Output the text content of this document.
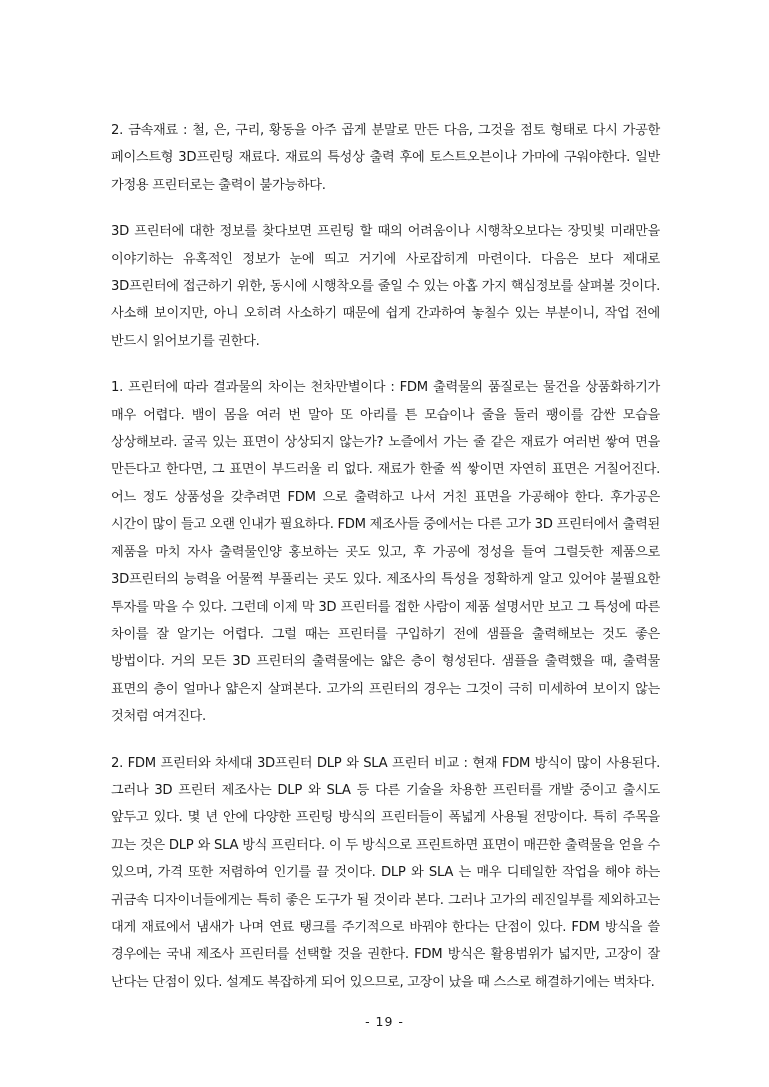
2. 금속재료 : 철, 은, 구리, 황동을 아주 곱게 분말로 만든 다음, 그것을 점토 형태로 다시 가공한 페이스트형 3D프린팅 재료다. 재료의 특성상 출력 후에 토스트오븐이나 가마에 구워야한다. 일반 가정용 프린터로는 출력이 불가능하다.

3D 프린터에 대한 정보를 찾다보면 프린팅 할 때의 어려움이나 시행착오보다는 장밋빛 미래만을 이야기하는 유혹적인 정보가 눈에 띄고 거기에 사로잡히게 마련이다. 다음은 보다 제대로 3D프린터에 접근하기 위한, 동시에 시행착오를 줄일 수 있는 아홉 가지 핵심정보를 살펴볼 것이다. 사소해 보이지만, 아니 오히려 사소하기 때문에 쉽게 간과하여 놓칠수 있는 부분이니, 작업 전에 반드시 읽어보기를 권한다.

1. 프린터에 따라 결과물의 차이는 천차만별이다 : FDM 출력물의 품질로는 물건을 상품화하기가 매우 어렵다. 뱀이 몸을 여러 번 말아 또 아리를 튼 모습이나 줄을 둘러 팽이를 감싼 모습을 상상해보라. 굴곡 있는 표면이 상상되지 않는가? 노즐에서 가는 줄 같은 재료가 여러번 쌓여 면을 만든다고 한다면, 그 표면이 부드러울 리 없다. 재료가 한줄 씩 쌓이면 자연히 표면은 거칠어진다. 어느 정도 상품성을 갖추려면 FDM 으로 출력하고 나서 거친 표면을 가공해야 한다. 후가공은 시간이 많이 들고 오랜 인내가 필요하다. FDM 제조사들 중에서는 다른 고가 3D 프린터에서 출력된 제품을 마치 자사 출력물인양 홍보하는 곳도 있고, 후 가공에 정성을 들여 그럴듯한 제품으로 3D프린터의 능력을 어물쩍 부풀리는 곳도 있다. 제조사의 특성을 정확하게 알고 있어야 불필요한 투자를 막을 수 있다. 그런데 이제 막 3D 프린터를 접한 사람이 제품 설명서만 보고 그 특성에 따른 차이를 잘 알기는 어렵다. 그럴 때는 프린터를 구입하기 전에 샘플을 출력해보는 것도 좋은 방법이다. 거의 모든 3D 프린터의 출력물에는 얇은 층이 형성된다. 샘플을 출력했을 때, 출력물 표면의 층이 얼마나 얇은지 살펴본다. 고가의 프린터의 경우는 그것이 극히 미세하여 보이지 않는 것처럼 여겨진다.

2. FDM 프린터와 차세대 3D프린터 DLP 와 SLA 프린터 비교 : 현재 FDM 방식이 많이 사용된다. 그러나 3D 프린터 제조사는 DLP 와 SLA 등 다른 기술을 차용한 프린터를 개발 중이고 출시도 앞두고 있다. 몇 년 안에 다양한 프린팅 방식의 프린터들이 폭넓게 사용될 전망이다. 특히 주목을 끄는 것은 DLP 와 SLA 방식 프린터다. 이 두 방식으로 프린트하면 표면이 매끈한 출력물을 얻을 수 있으며, 가격 또한 저렴하여 인기를 끌 것이다. DLP 와 SLA 는 매우 디테일한 작업을 해야 하는 귀금속 디자이너들에게는 특히 좋은 도구가 될 것이라 본다. 그러나 고가의 레진일부를 제외하고는 대게 재료에서 냄새가 나며 연료 탱크를 주기적으로 바꿔야 한다는 단점이 있다. FDM 방식을 쓸 경우에는 국내 제조사 프린터를 선택할 것을 권한다. FDM 방식은 활용범위가 넓지만, 고장이 잘 난다는 단점이 있다. 설계도 복잡하게 되어 있으므로, 고장이 났을 때 스스로 해결하기에는 벅차다.

- 19 -
